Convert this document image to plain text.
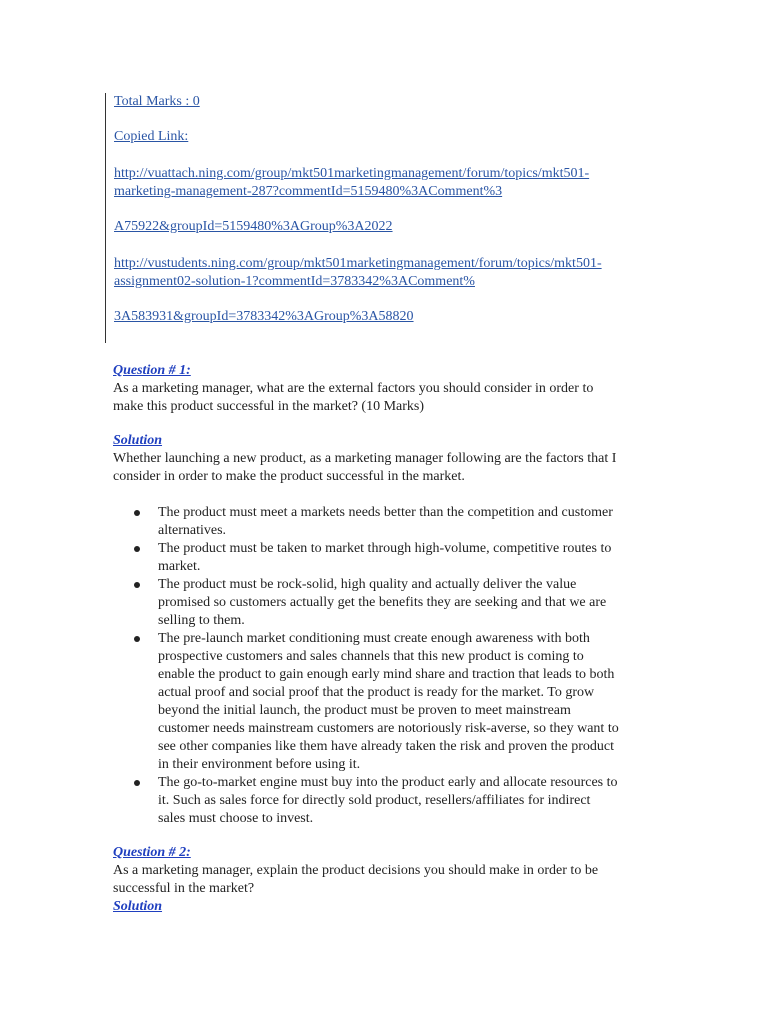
Total Marks : 0
Copied Link:
http://vuattach.ning.com/group/mkt501marketingmanagement/forum/topics/mkt501-
marketing-management-287?commentId=5159480%3AComment%3
A75922&groupId=5159480%3AGroup%3A2022
http://vustudents.ning.com/group/mkt501marketingmanagement/forum/topics/mkt501-
assignment02-solution-1?commentId=3783342%3AComment%
3A583931&groupId=3783342%3AGroup%3A58820
Question # 1:

As a marketing manager, what are the external factors you should consider in order to

make this product successful in the market? (10 Marks)

Solution

Whether launching a new product, as a marketing manager following are the factors that I

consider in order to make the product successful in the market.

The product must meet a markets needs better than the competition and customer
alternatives.
The product must be taken to market through high-volume, competitive routes to
market.
The product must be rock-solid, high quality and actually deliver the value
promised so customers actually get the benefits they are seeking and that we are
selling to them.
The pre-launch market conditioning must create enough awareness with both
prospective customers and sales channels that this new product is coming to
enable the product to gain enough early mind share and traction that leads to both
actual proof and social proof that the product is ready for the market. To grow
beyond the initial launch, the product must be proven to meet mainstream
customer needs mainstream customers are notoriously risk-averse, so they want to
see other companies like them have already taken the risk and proven the product
in their environment before using it.
The go-to-market engine must buy into the product early and allocate resources to
it. Such as sales force for directly sold product, resellers/affiliates for indirect
sales must choose to invest.
Question # 2:

As a marketing manager, explain the product decisions you should make in order to be

successful in the market?

Solution
